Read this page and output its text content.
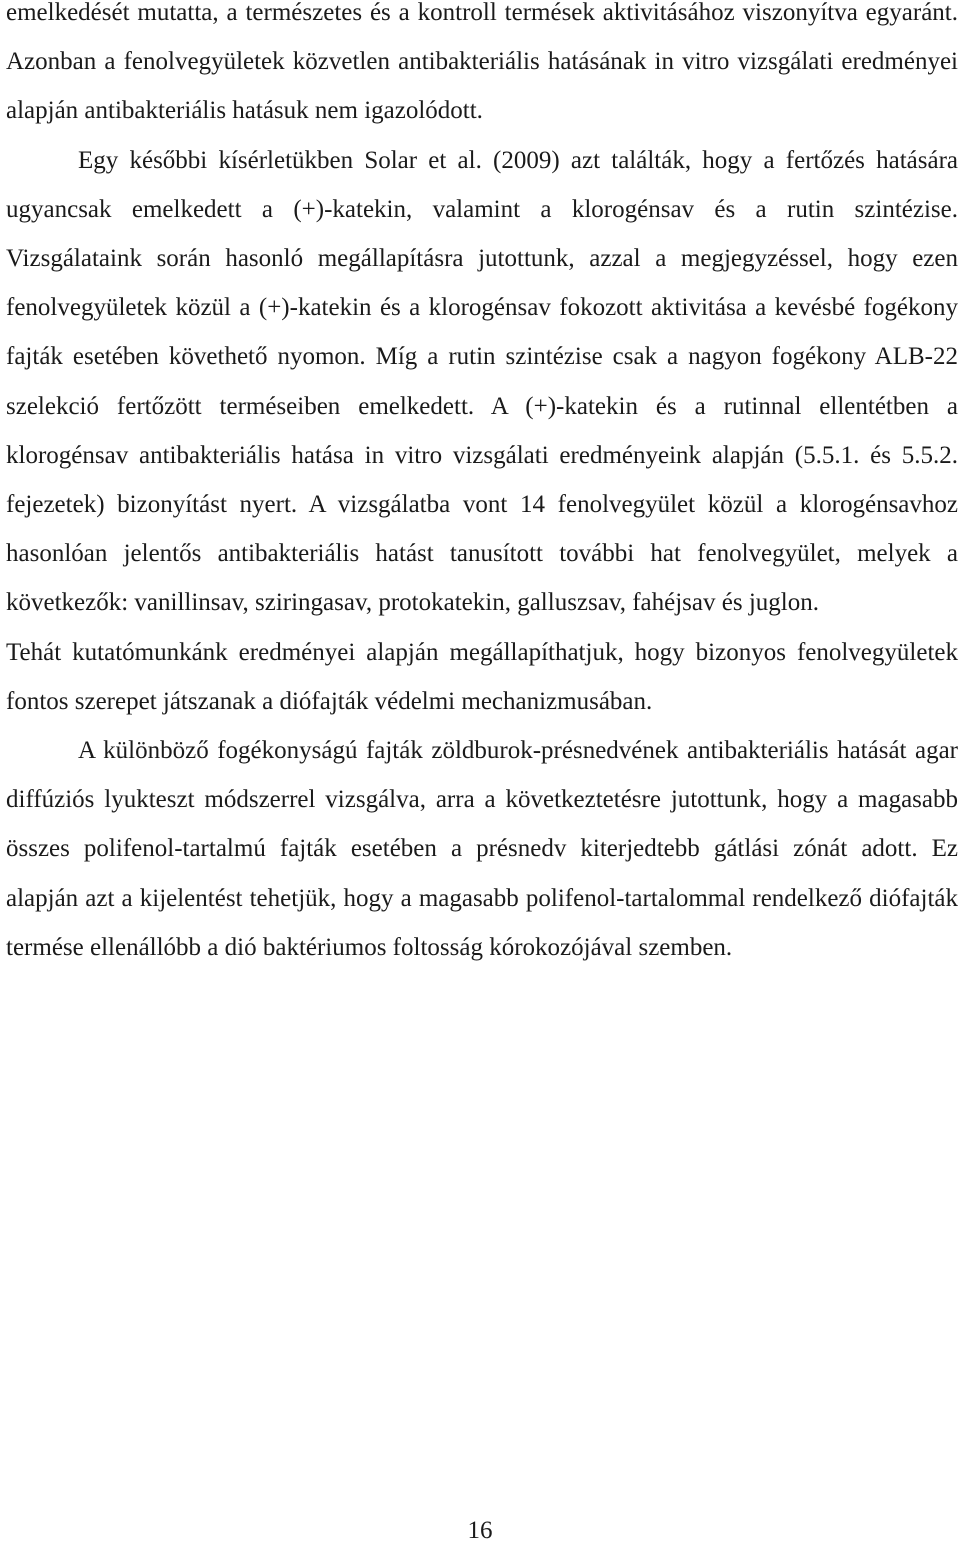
emelkedését mutatta, a természetes és a kontroll termések aktivitásához viszonyítva egyaránt. Azonban a fenolvegyületek közvetlen antibakteriális hatásának in vitro vizsgálati eredményei alapján antibakteriális hatásuk nem igazolódott.

Egy későbbi kísérletükben Solar et al. (2009) azt találták, hogy a fertőzés hatására ugyancsak emelkedett a (+)-katekin, valamint a klorogénsav és a rutin szintézise. Vizsgálataink során hasonló megállapításra jutottunk, azzal a megjegyzéssel, hogy ezen fenolvegyületek közül a (+)-katekin és a klorogénsav fokozott aktivitása a kevésbé fogékony fajták esetében követhető nyomon. Míg a rutin szintézise csak a nagyon fogékony ALB-22 szelekció fertőzött terméseiben emelkedett. A (+)-katekin és a rutinnal ellentétben a klorogénsav antibakteriális hatása in vitro vizsgálati eredményeink alapján (5.5.1. és 5.5.2. fejezetek) bizonyítást nyert. A vizsgálatba vont 14 fenolvegyület közül a klorogénsavhoz hasonlóan jelentős antibakteriális hatást tanusított további hat fenolvegyület, melyek a következők: vanillinsav, sziringasav, protokatekin, galluszsav, fahéjsav és juglon.

Tehát kutatómunkánk eredményei alapján megállapíthatjuk, hogy bizonyos fenolvegyületek fontos szerepet játszanak a diófajták védelmi mechanizmusában.

A különböző fogékonyságú fajták zöldburok-présnedvének antibakteriális hatását agar diffúziós lyukteszt módszerrel vizsgálva, arra a következtetésre jutottunk, hogy a magasabb összes polifenol-tartalmú fajták esetében a présnedv kiterjedtebb gátlási zónát adott. Ez alapján azt a kijelentést tehetjük, hogy a magasabb polifenol-tartalommal rendelkező diófajták termése ellenállóbb a dió baktériumos foltosság kórokozójával szemben.

16
